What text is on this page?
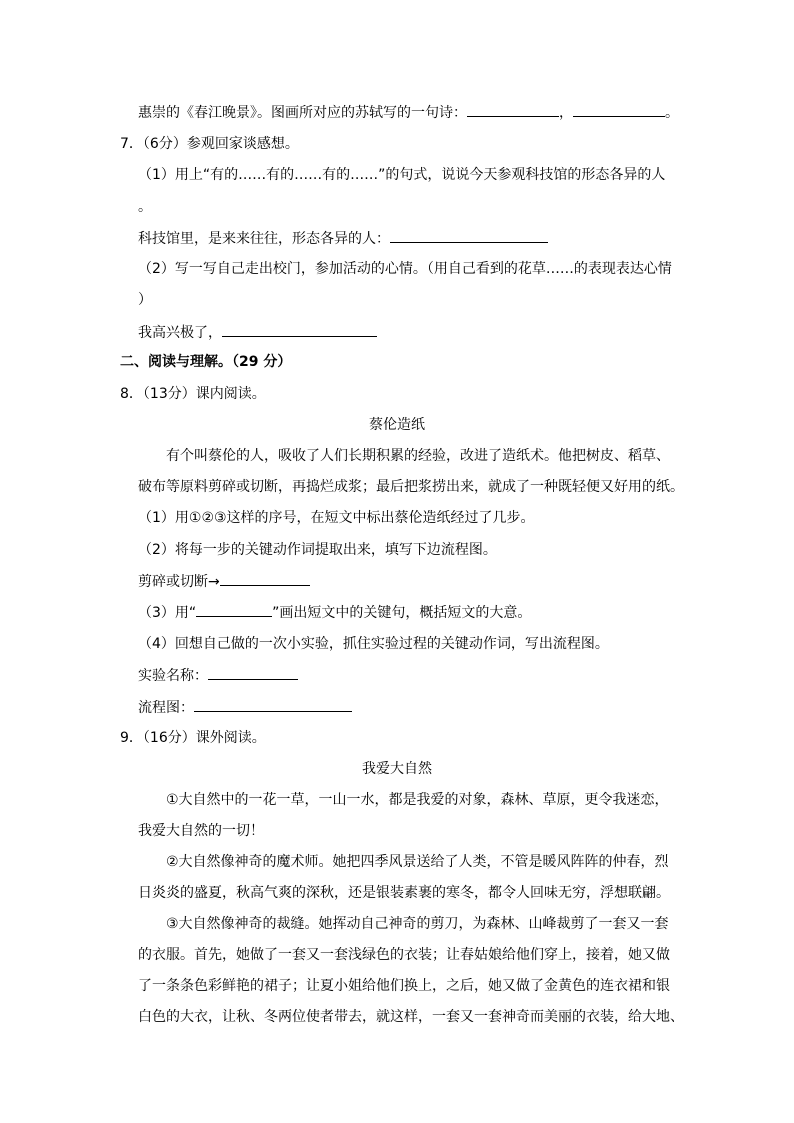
惠崇的《春江晚景》。图画所对应的苏轼写的一句诗：	，	。
7．（6分）参观回家谈感想。
（1）用上“有的……有的……有的……”的句式，说说今天参观科技馆的形态各异的人
。
科技馆里，是来来往往，形态各异的人：
（2）写一写自己走出校门，参加活动的心情。（用自己看到的花草……的表现表达心情
）
我高兴极了，
二、阅读与理解。（29 分）
8．（13分）课内阅读。
蔡伦造纸
有个叫蔡伦的人，吸收了人们长期积累的经验，改进了造纸术。他把树皮、稻草、
破布等原料剪碎或切断，再捣烂成浆；最后把浆捞出来，就成了一种既轻便又好用的纸。
（1）用①②③这样的序号，在短文中标出蔡伦造纸经过了几步。
（2）将每一步的关键动作词提取出来，填写下边流程图。
剪碎或切断→
（3）用“	”画出短文中的关键句，概括短文的大意。
（4）回想自己做的一次小实验，抓住实验过程的关键动作词，写出流程图。
实验名称：
流程图：
9．（16分）课外阅读。
我爱大自然
①大自然中的一花一草，一山一水，都是我爱的对象，森林、草原，更令我迷恋，
我爱大自然的一切！
②大自然像神奇的魔术师。她把四季风景送给了人类，不管是暖风阵阵的仲春，烈
日炎炎的盛夏，秋高气爽的深秋，还是银装素裹的寒冬，都令人回味无穷，浮想联翩。
③大自然像神奇的裁缝。她挥动自己神奇的剪刀，为森林、山峰裁剪了一套又一套
的衣服。首先，她做了一套又一套浅绿色的衣装；让春姑娘给他们穿上，接着，她又做
了一条条色彩鲜艳的裙子；让夏小姐给他们换上，之后，她又做了金黄色的连衣裙和银
白色的大衣，让秋、冬两位使者带去，就这样，一套又一套神奇而美丽的衣装，给大地、
